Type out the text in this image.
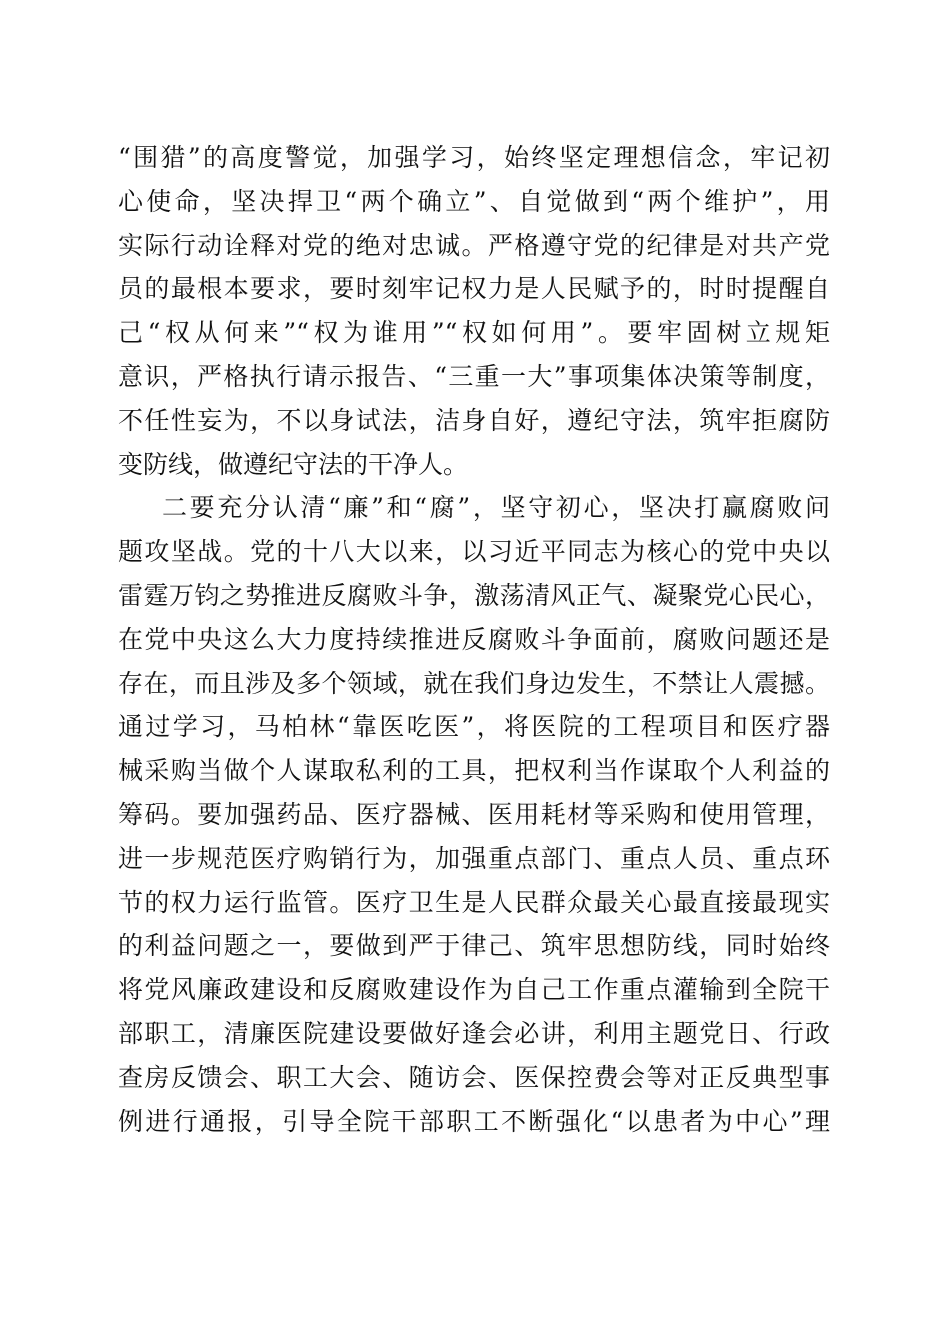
“围猎”的高度警觉，加强学习，始终坚定理想信念，牢记初
心使命，坚决捍卫“两个确立”、自觉做到“两个维护”，用
实际行动诠释对党的绝对忠诚。严格遵守党的纪律是对共产党
员的最根本要求，要时刻牢记权力是人民赋予的，时时提醒自
己“权从何来”“权为谁用”“权如何用”。要牢固树立规矩
意识，严格执行请示报告、“三重一大”事项集体决策等制度，
不任性妄为，不以身试法，洁身自好，遵纪守法，筑牢拒腐防
变防线，做遵纪守法的干净人。
二要充分认清“廉”和“腐”，坚守初心，坚决打赢腐败问
题攻坚战。党的十八大以来，以习近平同志为核心的党中央以
雷霆万钧之势推进反腐败斗争，激荡清风正气、凝聚党心民心，
在党中央这么大力度持续推进反腐败斗争面前，腐败问题还是
存在，而且涉及多个领域，就在我们身边发生，不禁让人震撼。
通过学习，马柏林“靠医吃医”，将医院的工程项目和医疗器
械采购当做个人谋取私利的工具，把权利当作谋取个人利益的
筹码。要加强药品、医疗器械、医用耗材等采购和使用管理，
进一步规范医疗购销行为，加强重点部门、重点人员、重点环
节的权力运行监管。医疗卫生是人民群众最关心最直接最现实
的利益问题之一，要做到严于律己、筑牢思想防线，同时始终
将党风廉政建设和反腐败建设作为自己工作重点灌输到全院干
部职工，清廉医院建设要做好逢会必讲，利用主题党日、行政
查房反馈会、职工大会、随访会、医保控费会等对正反典型事
例进行通报，引导全院干部职工不断强化“以患者为中心”理
